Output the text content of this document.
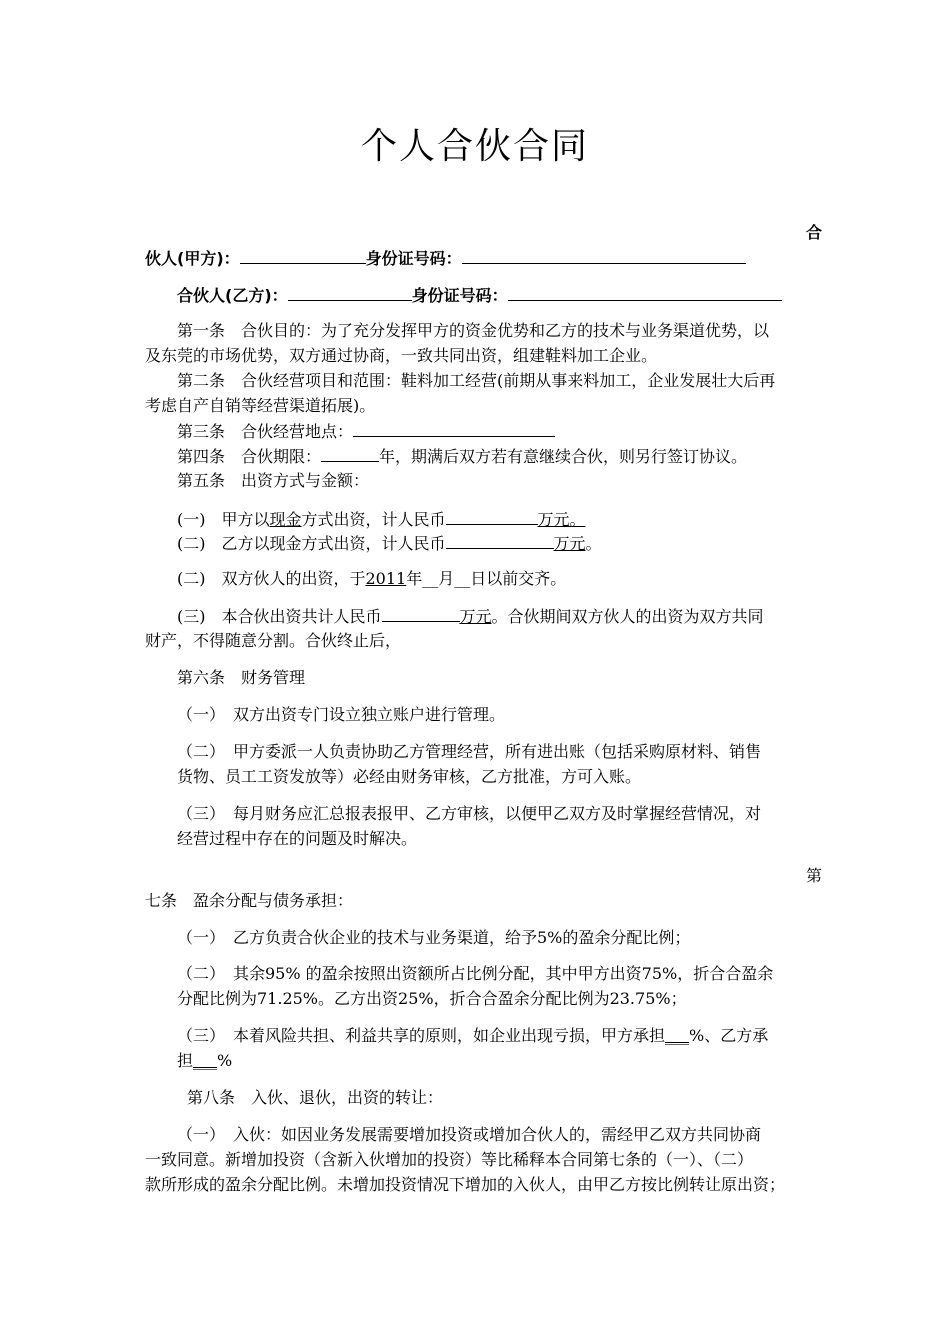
个人合伙合同
合
伙人(甲方)：	身份证号码：
合伙人(乙方)：	身份证号码：
第一条　合伙目的：为了充分发挥甲方的资金优势和乙方的技术与业务渠道优势，以
及东莞的市场优势，双方通过协商，一致共同出资，组建鞋料加工企业。
第二条　合伙经营项目和范围：鞋料加工经营(前期从事来料加工，企业发展壮大后再
考虑自产自销等经营渠道拓展)。
第三条　合伙经营地点：
第四条　合伙期限：	年，期满后双方若有意继续合伙，则另行签订协议。
第五条　出资方式与金额：
(一)　甲方以现金方式出资，计人民币	万元。
(二)　乙方以现金方式出资，计人民币	万元。
(二)　双方伙人的出资，于2011年__月__日以前交齐。
(三)　本合伙出资共计人民币	万元。合伙期间双方伙人的出资为双方共同
财产，不得随意分割。合伙终止后，
第六条　财务管理
（一）　双方出资专门设立独立账户进行管理。
（二）　甲方委派一人负责协助乙方管理经营，所有进出账（包括采购原材料、销售
货物、员工工资发放等）必经由财务审核，乙方批准，方可入账。
（三）　每月财务应汇总报表报甲、乙方审核，以便甲乙双方及时掌握经营情况，对
经营过程中存在的问题及时解决。
第
七条　盈余分配与债务承担：
（一）　乙方负责合伙企业的技术与业务渠道，给予5%的盈余分配比例；
（二）　其余95% 的盈余按照出资额所占比例分配，其中甲方出资75%，折合合盈余
分配比例为71.25%。乙方出资25%，折合合盈余分配比例为23.75%；
（三）　本着风险共担、利益共享的原则，如企业出现亏损，甲方承担___%、乙方承
担___%
第八条　入伙、退伙，出资的转让：
（一）　入伙：如因业务发展需要增加投资或增加合伙人的，需经甲乙双方共同协商
一致同意。新增加投资（含新入伙增加的投资）等比稀释本合同第七条的（一）、（二）
款所形成的盈余分配比例。未增加投资情况下增加的入伙人，由甲乙方按比例转让原出资；
